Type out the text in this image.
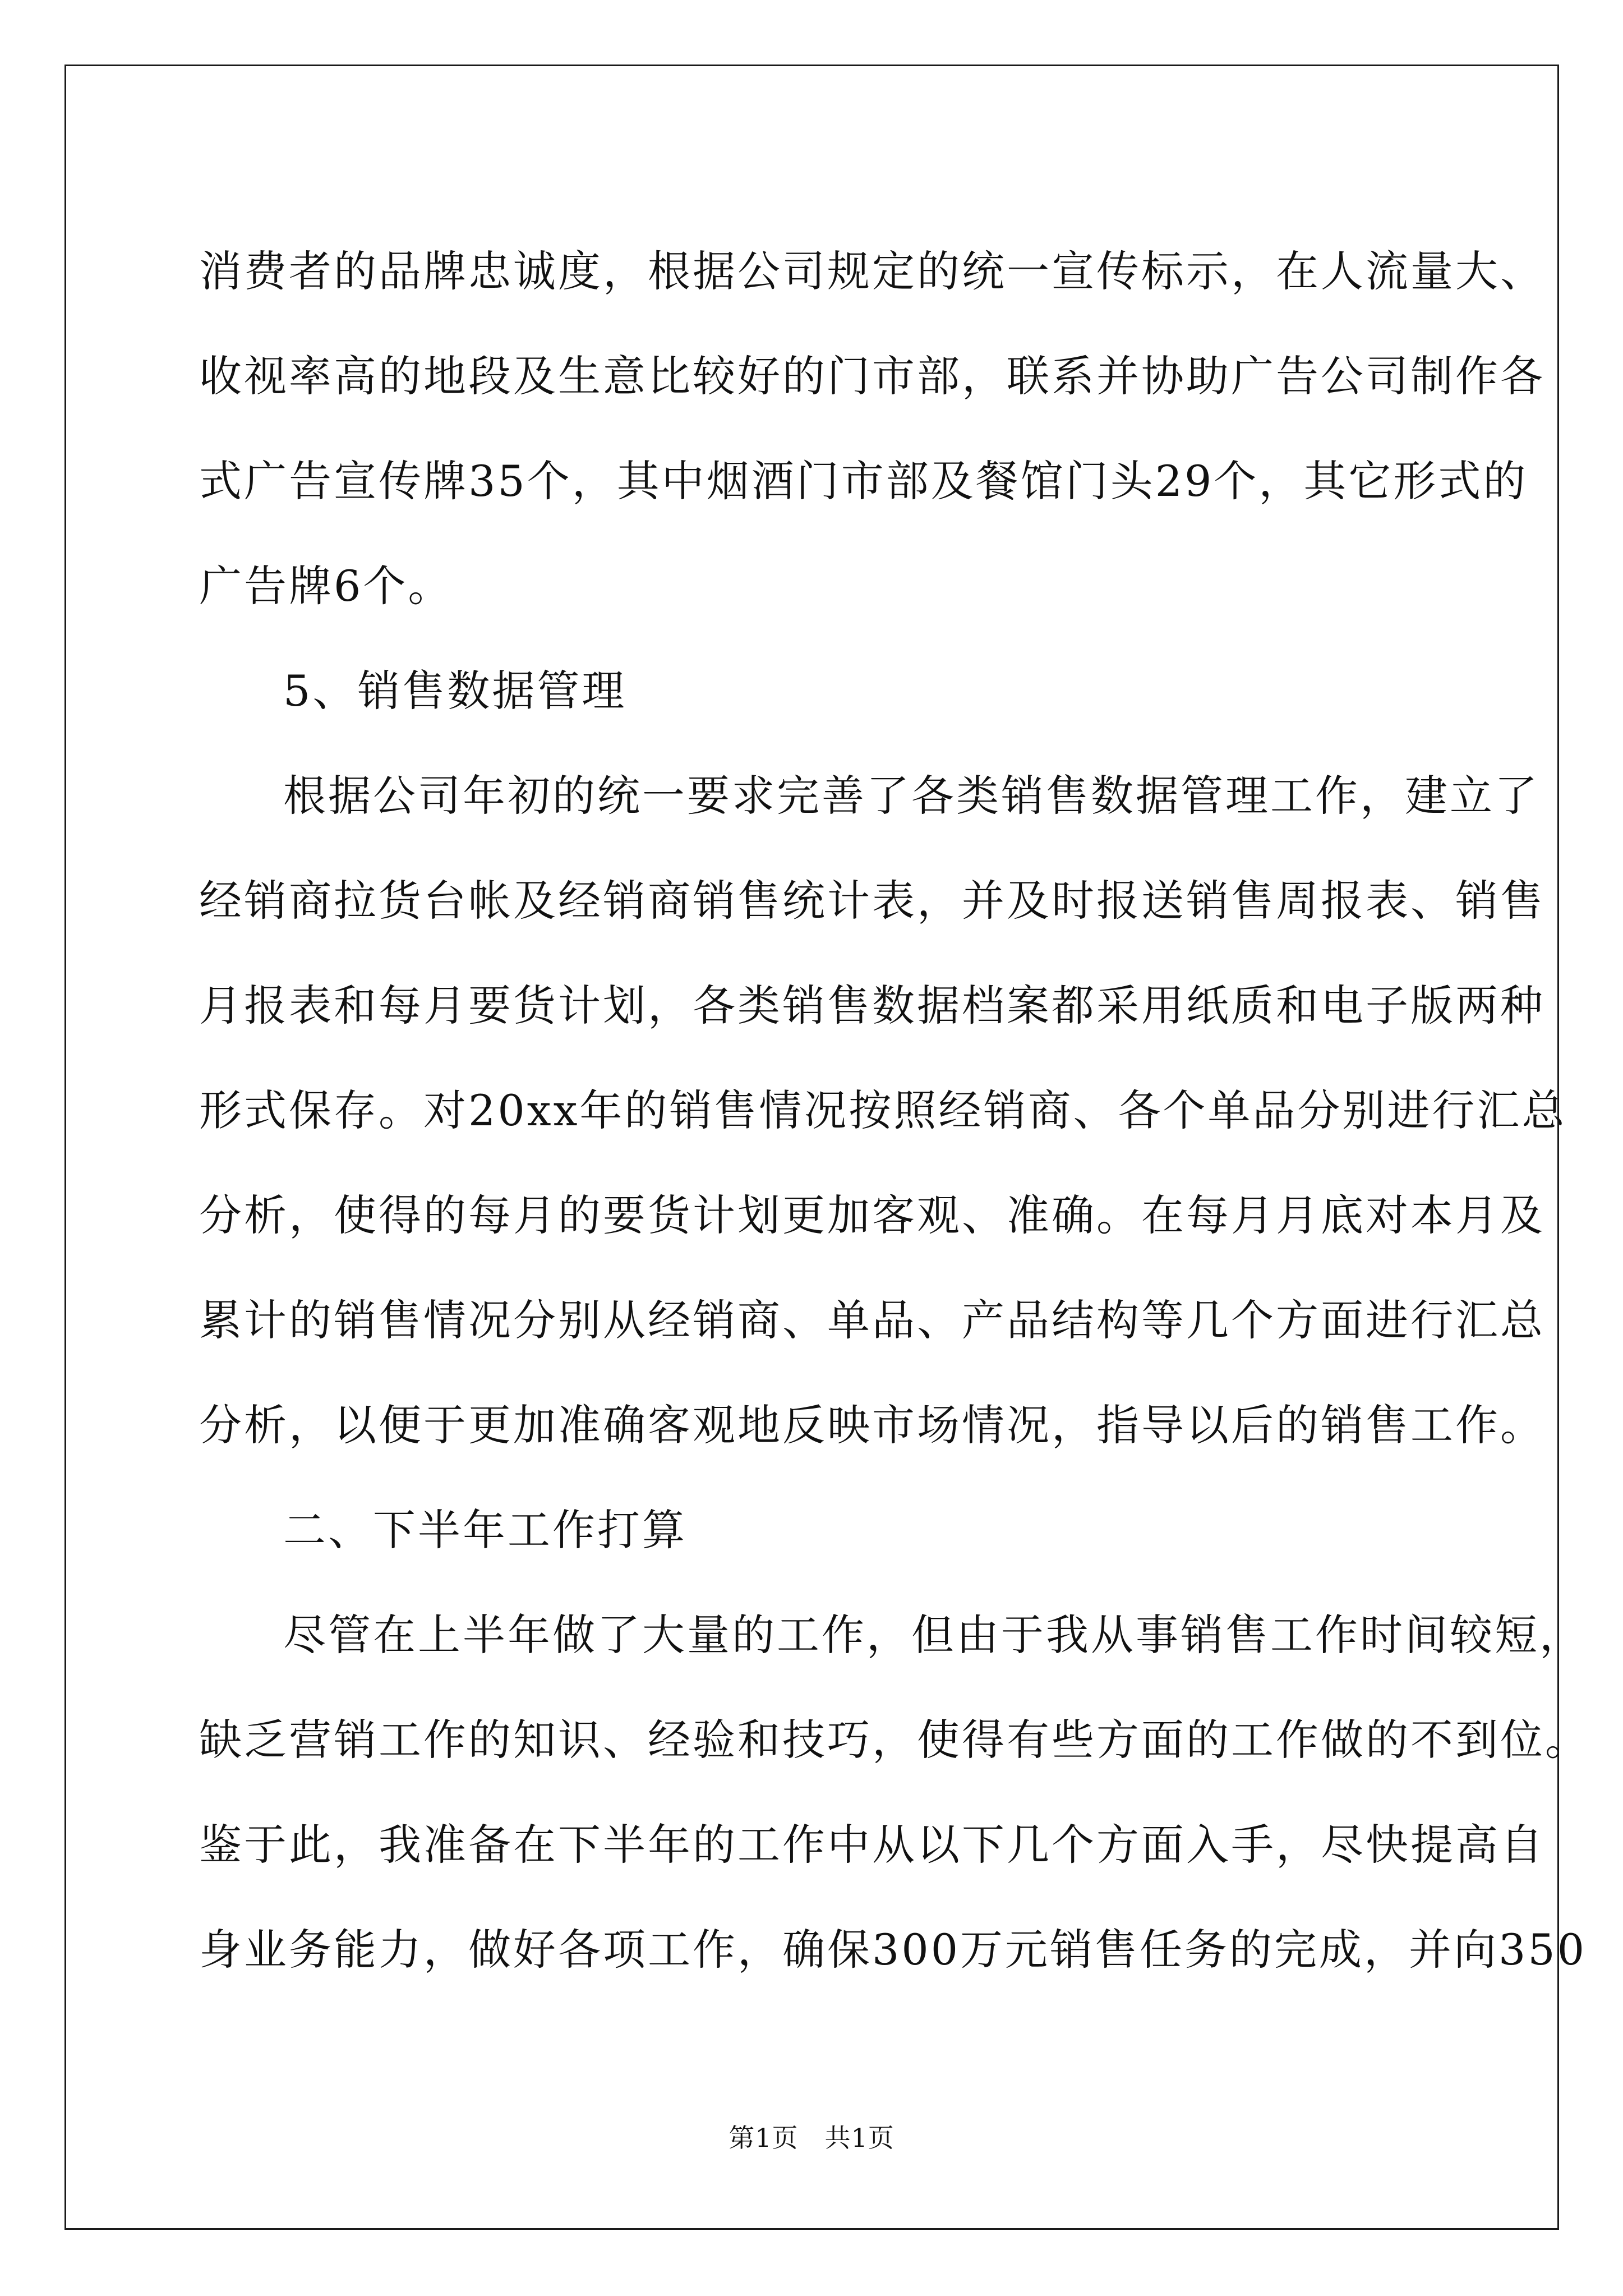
消费者的品牌忠诚度，根据公司规定的统一宣传标示，在人流量大、
收视率高的地段及生意比较好的门市部，联系并协助广告公司制作各
式广告宣传牌35个，其中烟酒门市部及餐馆门头29个，其它形式的
广告牌6个。
5、销售数据管理
根据公司年初的统一要求完善了各类销售数据管理工作，建立了
经销商拉货台帐及经销商销售统计表，并及时报送销售周报表、销售
月报表和每月要货计划，各类销售数据档案都采用纸质和电子版两种
形式保存。对20xx年的销售情况按照经销商、各个单品分别进行汇总
分析，使得的每月的要货计划更加客观、准确。在每月月底对本月及
累计的销售情况分别从经销商、单品、产品结构等几个方面进行汇总
分析，以便于更加准确客观地反映市场情况，指导以后的销售工作。
二、下半年工作打算
尽管在上半年做了大量的工作，但由于我从事销售工作时间较短，
缺乏营销工作的知识、经验和技巧，使得有些方面的工作做的不到位。
鉴于此，我准备在下半年的工作中从以下几个方面入手，尽快提高自
身业务能力，做好各项工作，确保300万元销售任务的完成，并向350
第1页　共1页
